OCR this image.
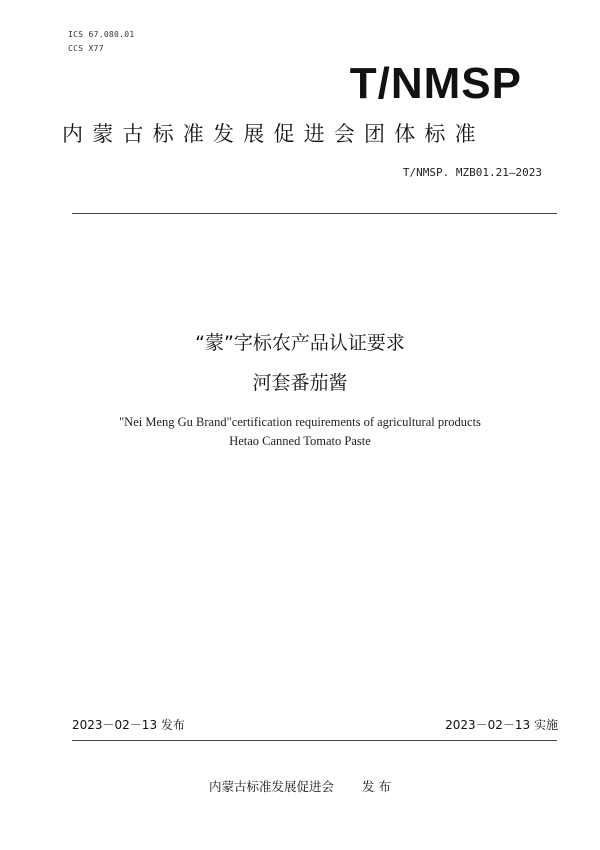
ICS 67.080.01
CCS X77
T/NMSP
内蒙古标准发展促进会团体标准
T/NMSP. MZB01.21—2023
“蒙”字标农产品认证要求
河套番茄酱
"Nei Meng Gu Brand"certification requirements of agricultural products
Hetao Canned Tomato Paste
2023－02－13 发布	2023－02－13 实施
内蒙古标准发展促进会 发 布
